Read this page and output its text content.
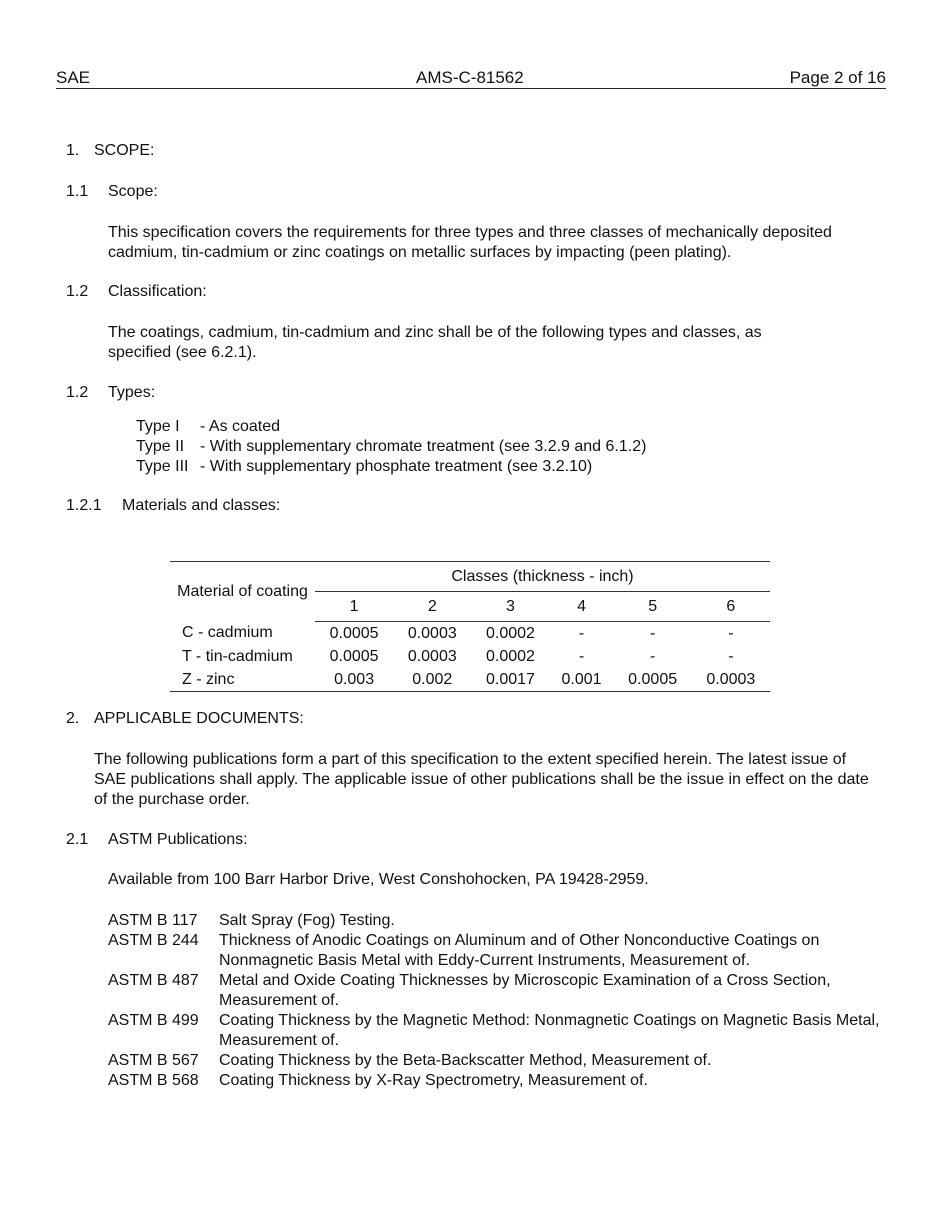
SAE	AMS-C-81562	Page 2 of 16
1. SCOPE:
1.1 Scope:
This specification covers the requirements for three types and three classes of mechanically deposited cadmium, tin-cadmium or zinc coatings on metallic surfaces by impacting (peen plating).
1.2 Classification:
The coatings, cadmium, tin-cadmium and zinc shall be of the following types and classes, as specified (see 6.2.1).
1.2 Types:
Type I - As coated
Type II - With supplementary chromate treatment (see 3.2.9 and 6.1.2)
Type III - With supplementary phosphate treatment (see 3.2.10)
1.2.1 Materials and classes:
Material of coating	Classes (thickness - inch)					
	1	2	3	4	5	6
C - cadmium	0.0005	0.0003	0.0002	-	-	-
T - tin-cadmium	0.0005	0.0003	0.0002	-	-	-
Z - zinc	0.003	0.002	0.0017	0.001	0.0005	0.0003
2. APPLICABLE DOCUMENTS:
The following publications form a part of this specification to the extent specified herein. The latest issue of SAE publications shall apply. The applicable issue of other publications shall be the issue in effect on the date of the purchase order.
2.1 ASTM Publications:
Available from 100 Barr Harbor Drive, West Conshohocken, PA 19428-2959.
ASTM B 117 Salt Spray (Fog) Testing.
ASTM B 244 Thickness of Anodic Coatings on Aluminum and of Other Nonconductive Coatings on Nonmagnetic Basis Metal with Eddy-Current Instruments, Measurement of.
ASTM B 487 Metal and Oxide Coating Thicknesses by Microscopic Examination of a Cross Section, Measurement of.
ASTM B 499 Coating Thickness by the Magnetic Method: Nonmagnetic Coatings on Magnetic Basis Metal, Measurement of.
ASTM B 567 Coating Thickness by the Beta-Backscatter Method, Measurement of.
ASTM B 568 Coating Thickness by X-Ray Spectrometry, Measurement of.
